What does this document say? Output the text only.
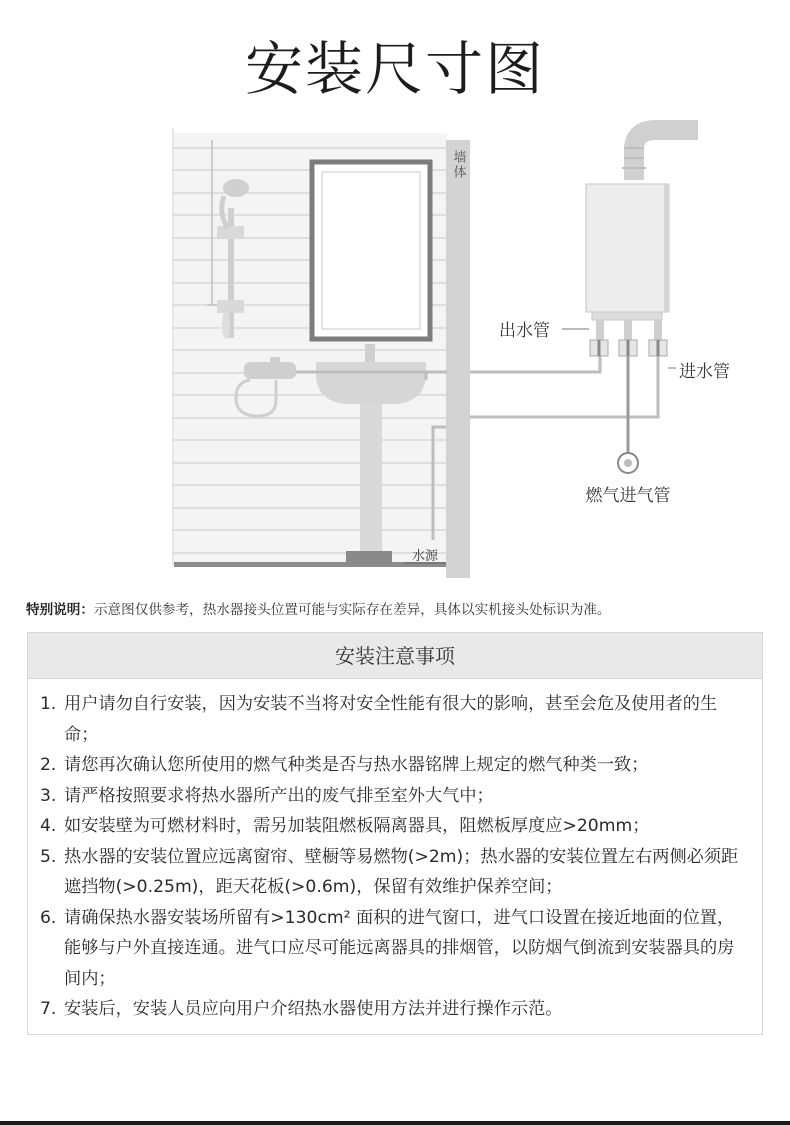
安装尺寸图
墙体
水源
出水管
进水管
燃气进气管
特别说明：示意图仅供参考，热水器接头位置可能与实际存在差异，具体以实机接头处标识为准。
安装注意事项
1. 用户请勿自行安装，因为安装不当将对安全性能有很大的影响，甚至会危及使用者的生命；
2. 请您再次确认您所使用的燃气种类是否与热水器铭牌上规定的燃气种类一致；
3. 请严格按照要求将热水器所产出的废气排至室外大气中；
4. 如安装壁为可燃材料时，需另加装阻燃板隔离器具，阻燃板厚度应>20mm；
5. 热水器的安装位置应远离窗帘、壁橱等易燃物(>2m)；热水器的安装位置左右两侧必须距遮挡物(>0.25m)，距天花板(>0.6m)，保留有效维护保养空间；
6. 请确保热水器安装场所留有>130cm² 面积的进气窗口，进气口设置在接近地面的位置，能够与户外直接连通。进气口应尽可能远离器具的排烟管，以防烟气倒流到安装器具的房间内；
7. 安装后，安装人员应向用户介绍热水器使用方法并进行操作示范。
